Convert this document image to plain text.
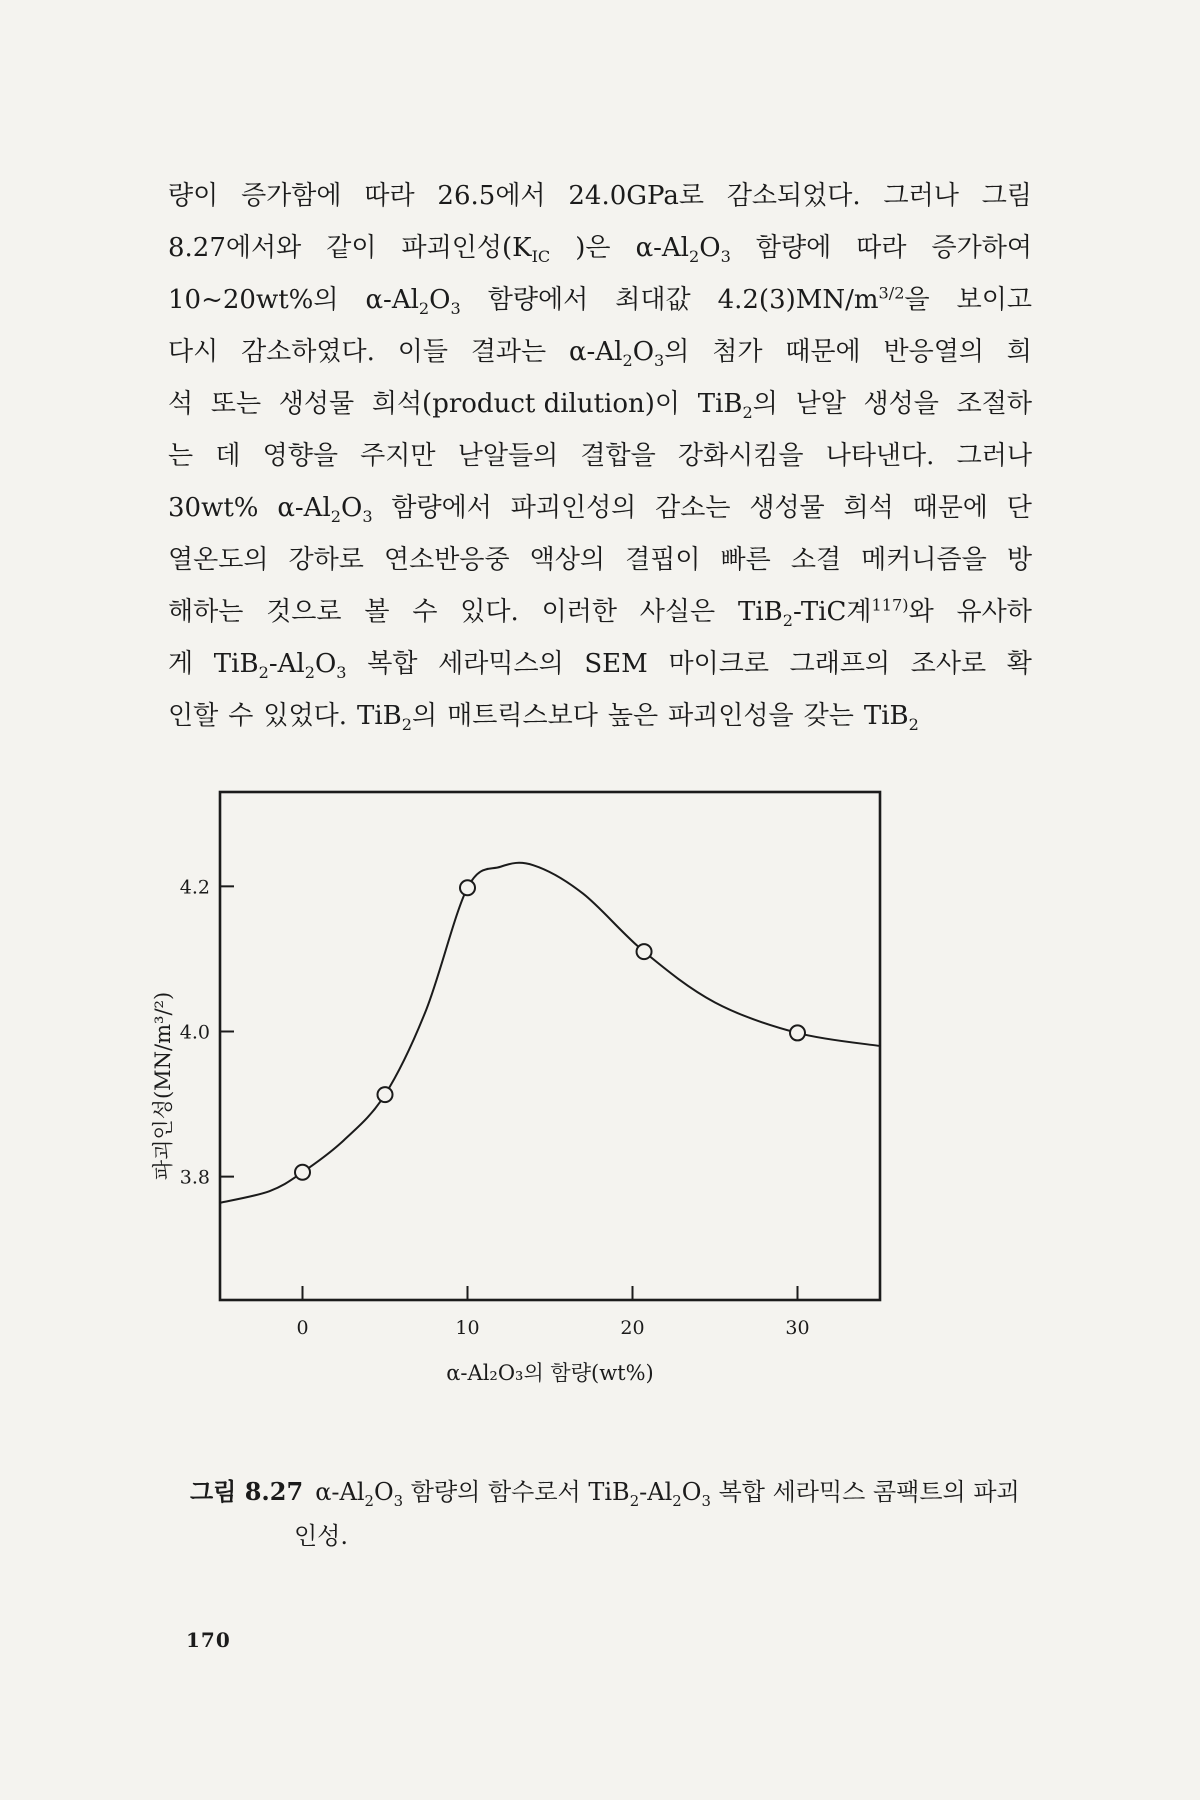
량이 증가함에 따라 26.5에서 24.0GPa로 감소되었다. 그러나 그림
8.27에서와 같이 파괴인성($K_{IC}$ )은 $\alpha-Al_2O_3$ 함량에 따라 증가하여
10~20wt%의 $\alpha-Al_2O_3$ 함량에서 최대값 $4.2(3)MN/m^{3/2}$을 보이고
다시 감소하였다. 이들 결과는 $\alpha-Al_2O_3$의 첨가 때문에 반응열의 희
석 또는 생성물 희석(product dilution)이 TiB$_2$의 낟알 생성을 조절하
는 데 영향을 주지만 낟알들의 결합을 강화시킴을 나타낸다. 그러나
30wt% $\alpha-Al_2O_3$ 함량에서 파괴인성의 감소는 생성물 희석 때문에 단
열온도의 강하로 연소반응중 액상의 결핍이 빠른 소결 메커니즘을 방
해하는 것으로 볼 수 있다. 이러한 사실은 TiB$_2$-TiC계$^{117)}$와 유사하
게 $TiB_2-Al_2O_3$ 복합 세라믹스의 SEM 마이크로 그래프의 조사로 확
인할 수 있었다. TiB$_2$의 매트릭스보다 높은 파괴인성을 갖는 TiB$_2$
3.8
4.0
4.2
0	10	20	30
α-Al₂O₃의 함량(wt%)
파괴인성(MN/m³/²)
그림 8.27 $\alpha-Al_2O_3$ 함량의 함수로서 $TiB_2-Al_2O_3$ 복합 세라믹스 콤팩트의 파괴
인성.
170
